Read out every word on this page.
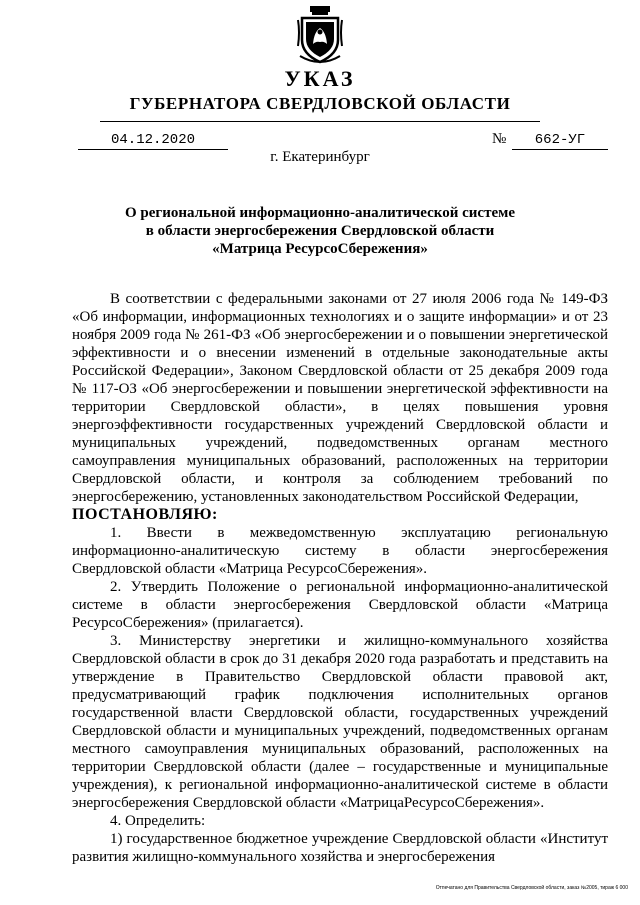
УКАЗ
ГУБЕРНАТОРА СВЕРДЛОВСКОЙ ОБЛАСТИ
04.12.2020	№	662-УГ
г. Екатеринбург
О региональной информационно-аналитической системе
в области энергосбережения Свердловской области
«Матрица РесурсоСбережения»

В соответствии с федеральными законами от 27 июля 2006 года № 149-ФЗ «Об информации, информационных технологиях и о защите информации» и от 23 ноября 2009 года № 261-ФЗ «Об энергосбережении и о повышении энергетической эффективности и о внесении изменений в отдельные законодательные акты Российской Федерации», Законом Свердловской области от 25 декабря 2009 года № 117-ОЗ «Об энергосбережении и повышении энергетической эффективности на территории Свердловской области», в целях повышения уровня энергоэффективности государственных учреждений Свердловской области и муниципальных учреждений, подведомственных органам местного самоуправления муниципальных образований, расположенных на территории Свердловской области, и контроля за соблюдением требований по энергосбережению, установленных законодательством Российской Федерации,

ПОСТАНОВЛЯЮ:

1. Ввести в межведомственную эксплуатацию региональную информационно-аналитическую систему в области энергосбережения Свердловской области «Матрица РесурсоСбережения».

2. Утвердить Положение о региональной информационно-аналитической системе в области энергосбережения Свердловской области «Матрица РесурсоСбережения» (прилагается).

3. Министерству энергетики и жилищно-коммунального хозяйства Свердловской области в срок до 31 декабря 2020 года разработать и представить на утверждение в Правительство Свердловской области правовой акт, предусматривающий график подключения исполнительных органов государственной власти Свердловской области, государственных учреждений Свердловской области и муниципальных учреждений, подведомственных органам местного самоуправления муниципальных образований, расположенных на территории Свердловской области (далее – государственные и муниципальные учреждения), к региональной информационно-аналитической системе в области энергосбережения Свердловской области «МатрицаРесурсоСбережения».

4. Определить:

1) государственное бюджетное учреждение Свердловской области «Институт развития жилищно-коммунального хозяйства и энергосбережения

Отпечатано для Правительства Свердловской области, заказ №2005, тираж 6 000
